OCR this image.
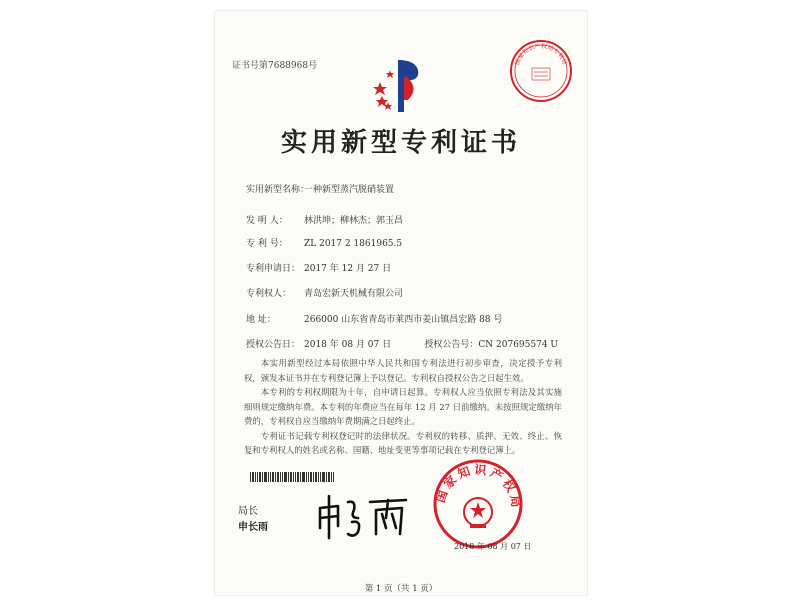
证书号第7688968号	国家知识产权局专利局
实用新型专利证书
实用新型名称：一种新型蒸汽脱硝装置
发 明 人： 林洪坤；柳林杰；郭玉昌
专 利 号： ZL 2017 2 1861965.5
专利申请日： 2017 年 12 月 27 日
专利权人： 青岛宏新天机械有限公司
地 址：	266000 山东省青岛市莱西市姜山镇昌宏路 88 号
授权公告日： 2018 年 08 月 07 日	授权公告号：CN 207695574 U

本实用新型经过本局依照中华人民共和国专利法进行初步审查，决定授予专利权，颁发本证书并在专利登记簿上予以登记。专利权自授权公告之日起生效。

本专利的专利权期限为十年，自申请日起算。专利权人应当依照专利法及其实施细则规定缴纳年费。本专利的年费应当在每年 12 月 27 日前缴纳。未按照规定缴纳年费的，专利权自应当缴纳年费期满之日起终止。

专利证书记载专利权登记时的法律状况。专利权的转移、质押、无效、终止、恢复和专利权人的姓名或名称、国籍、地址变更等事项记载在专利登记簿上。

局长
申长雨
国家知识产权局
2018 年 08 月 07 日
第 1 页（共 1 页）
